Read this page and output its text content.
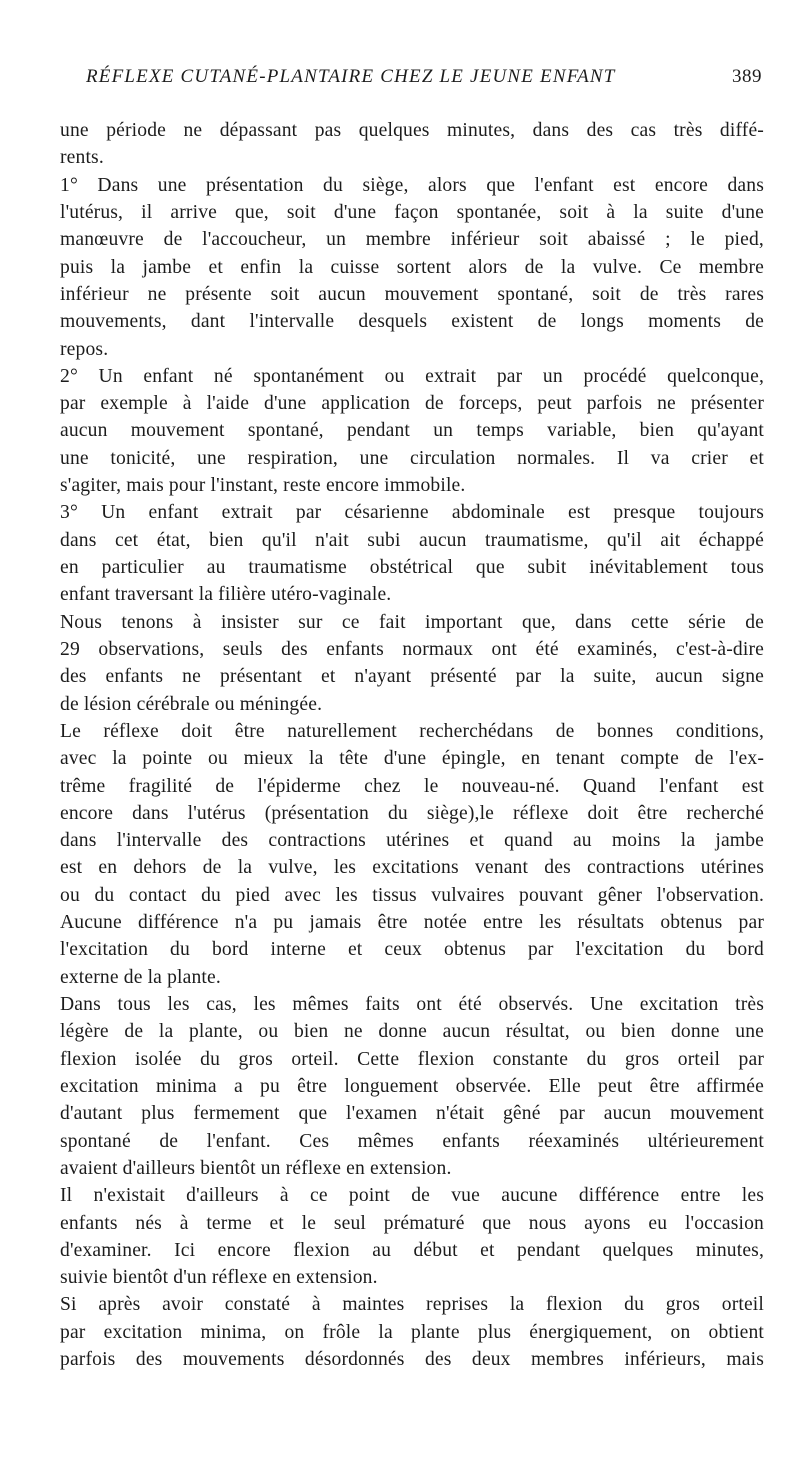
RÉFLEXE CUTANÉ-PLANTAIRE CHEZ LE JEUNE ENFANT	389
une période ne dépassant pas quelques minutes, dans des cas très diffé-
rents.
1° Dans une présentation du siège, alors que l'enfant est encore dans
l'utérus, il arrive que, soit d'une façon spontanée, soit à la suite d'une
manœuvre de l'accoucheur, un membre inférieur soit abaissé ; le pied,
puis la jambe et enfin la cuisse sortent alors de la vulve. Ce membre
inférieur ne présente soit aucun mouvement spontané, soit de très rares
mouvements, dant l'intervalle desquels existent de longs moments de
repos.
2° Un enfant né spontanément ou extrait par un procédé quelconque,
par exemple à l'aide d'une application de forceps, peut parfois ne présenter
aucun mouvement spontané, pendant un temps variable, bien qu'ayant
une tonicité, une respiration, une circulation normales. Il va crier et
s'agiter, mais pour l'instant, reste encore immobile.
3° Un enfant extrait par césarienne abdominale est presque toujours
dans cet état, bien qu'il n'ait subi aucun traumatisme, qu'il ait échappé
en particulier au traumatisme obstétrical que subit inévitablement tous
enfant traversant la filière utéro-vaginale.
Nous tenons à insister sur ce fait important que, dans cette série de
29 observations, seuls des enfants normaux ont été examinés, c'est-à-dire
des enfants ne présentant et n'ayant présenté par la suite, aucun signe
de lésion cérébrale ou méningée.
Le réflexe doit être naturellement recherchédans de bonnes conditions,
avec la pointe ou mieux la tête d'une épingle, en tenant compte de l'ex-
trême fragilité de l'épiderme chez le nouveau-né. Quand l'enfant est
encore dans l'utérus (présentation du siège),le réflexe doit être recherché
dans l'intervalle des contractions utérines et quand au moins la jambe
est en dehors de la vulve, les excitations venant des contractions utérines
ou du contact du pied avec les tissus vulvaires pouvant gêner l'observation.
Aucune différence n'a pu jamais être notée entre les résultats obtenus par
l'excitation du bord interne et ceux obtenus par l'excitation du bord
externe de la plante.
Dans tous les cas, les mêmes faits ont été observés. Une excitation très
légère de la plante, ou bien ne donne aucun résultat, ou bien donne une
flexion isolée du gros orteil. Cette flexion constante du gros orteil par
excitation minima a pu être longuement observée. Elle peut être affirmée
d'autant plus fermement que l'examen n'était gêné par aucun mouvement
spontané de l'enfant. Ces mêmes enfants réexaminés ultérieurement
avaient d'ailleurs bientôt un réflexe en extension.
Il n'existait d'ailleurs à ce point de vue aucune différence entre les
enfants nés à terme et le seul prématuré que nous ayons eu l'occasion
d'examiner. Ici encore flexion au début et pendant quelques minutes,
suivie bientôt d'un réflexe en extension.
Si après avoir constaté à maintes reprises la flexion du gros orteil
par excitation minima, on frôle la plante plus énergiquement, on obtient
parfois des mouvements désordonnés des deux membres inférieurs, mais
